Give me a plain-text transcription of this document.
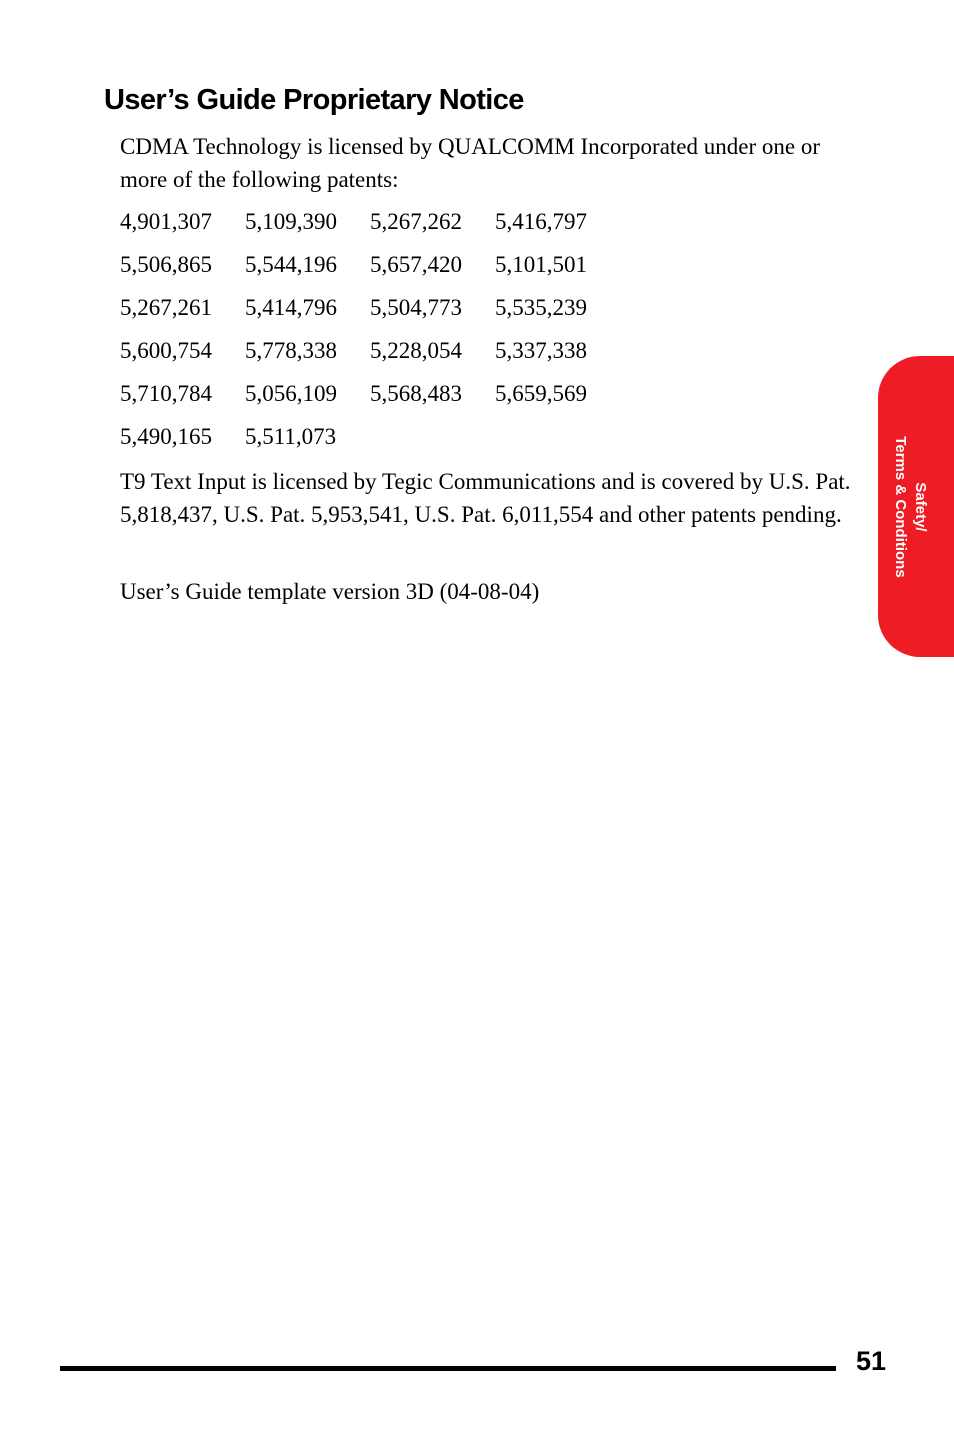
User’s Guide Proprietary Notice

CDMA Technology is licensed by QUALCOMM Incorporated under one or more of the following patents:

4,901,307 5,109,390 5,267,262 5,416,797
5,506,865 5,544,196 5,657,420 5,101,501
5,267,261 5,414,796 5,504,773 5,535,239
5,600,754 5,778,338 5,228,054 5,337,338
5,710,784 5,056,109 5,568,483 5,659,569
5,490,165 5,511,073

T9 Text Input is licensed by Tegic Communications and is covered by U.S. Pat. 5,818,437, U.S. Pat. 5,953,541, U.S. Pat. 6,011,554 and other patents pending.

User’s Guide template version 3D (04-08-04)

Safety/
Terms & Conditions
51
